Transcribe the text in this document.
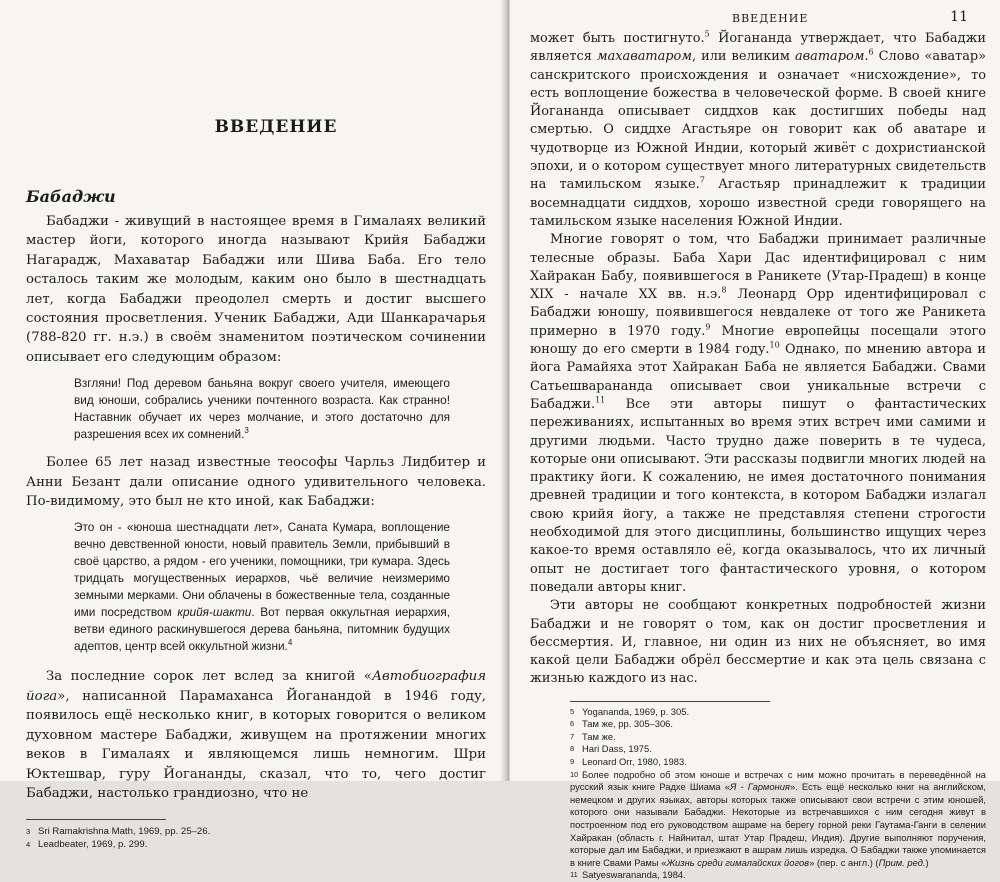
ВВЕДЕНИЕ
Бабаджи

Бабаджи - живущий в настоящее время в Гималаях великий мастер йоги, которого иногда называют Крийя Бабаджи Нагарадж, Махаватар Бабаджи или Шива Баба. Его тело осталось таким же молодым, каким оно было в шестнадцать лет, когда Бабаджи преодолел смерть и достиг высшего состояния просветления. Ученик Бабаджи, Ади Шанкарачарья (788-820 гг. н.э.) в своём знаменитом поэтическом сочинении описывает его следующим образом:

Взгляни! Под деревом баньяна вокруг своего учителя, имеющего вид юноши, собрались ученики почтенного возраста. Как странно! Наставник обучает их через молчание, и этого достаточно для разрешения всех их сомнений.$^3$

Более 65 лет назад известные теософы Чарльз Лидбитер и Анни Безант дали описание одного удивительного человека. По-видимому, это был не кто иной, как Бабаджи:

Это он - «юноша шестнадцати лет», Саната Кумара, воплощение вечно девственной юности, новый правитель Земли, прибывший в своё царство, а рядом - его ученики, помощники, три кумара. Здесь тридцать могущественных иерархов, чьё величие неизмеримо земными мерками. Они облачены в божественные тела, созданные ими посредством крийя-шакти. Вот первая оккультная иерархия, ветви единого раскинувшегося дерева баньяна, питомник будущих адептов, центр всей оккультной жизни.$^4$

За последние сорок лет вслед за книгой «Автобиография йога», написанной Парамахансa Йоганандой в 1946 году, появилось ещё несколько книг, в которых говорится о великом духовном мастере Бабаджи, живущем на протяжении многих веков в Гималаях и являющемся лишь немногим. Шри Юктешвар, гуру Йогананды, сказал, что то, чего достиг Бабаджи, настолько грандиозно, что не

3 Sri Ramakrishna Math, 1969, pp. 25–26.

4 Leadbeater, 1969, p. 299.

ВВЕДЕНИЕ	11

может быть постигнуто.$^5$ Йогананда утверждает, что Бабаджи является махаватаром, или великим аватаром.$^6$ Слово «аватар» санскритского происхождения и означает «нисхождение», то есть воплощение божества в человеческой форме. В своей книге Йогананда описывает сиддхов как достигших победы над смертью. О сиддхе Агастьяре он говорит как об аватаре и чудотворце из Южной Индии, который живёт с дохристианской эпохи, и о котором существует много литературных свидетельств на тамильском языке.$^7$ Агастьяр принадлежит к традиции восемнадцати сиддхов, хорошо известной среди говорящего на тамильском языке населения Южной Индии.

Многие говорят о том, что Бабаджи принимает различные телесные образы. Баба Хари Дас идентифицировал с ним Хайракан Бабу, появившегося в Раникете (Утар-Прадеш) в конце XIX - начале XX вв. н.э.$^8$ Леонард Орр идентифицировал с Бабаджи юношу, появившегося невдалеке от того же Раникета примерно в 1970 году.$^9$ Многие европейцы посещали этого юношу до его смерти в 1984 году.$^{10}$ Однако, по мнению автора и йога Рамайяха этот Хайракан Баба не является Бабаджи. Свами Сатьешварананда описывает свои уникальные встречи с Бабаджи.$^{11}$ Все эти авторы пишут о фантастических переживаниях, испытанных во время этих встреч ими самими и другими людьми. Часто трудно даже поверить в те чудеса, которые они описывают. Эти рассказы подвигли многих людей на практику йоги. К сожалению, не имея достаточного понимания древней традиции и того контекста, в котором Бабаджи излагал свою крийя йогу, а также не представляя степени строгости необходимой для этого дисциплины, большинство ищущих через какое-то время оставляло её, когда оказывалось, что их личный опыт не достигает того фантастического уровня, о котором поведали авторы книг.

Эти авторы не сообщают конкретных подробностей жизни Бабаджи и не говорят о том, как он достиг просветления и бессмертия. И, главное, ни один из них не объясняет, во имя какой цели Бабаджи обрёл бессмертие и как эта цель связана с жизнью каждого из нас.

5 Yogananda, 1969, p. 305.

6 Там же, pp. 305–306.

7 Там же.

8 Hari Dass, 1975.

9 Leonard Orr, 1980, 1983.

10 Более подробно об этом юноше и встречах с ним можно прочитать в переведённой на русский язык книге Радхе Шиама «Я - Гармония». Есть ещё несколько книг на английском, немецком и других языках, авторы которых также описывают свои встречи с этим юношей, которого они называли Бабаджи. Некоторые из встречавшихся с ним сегодня живут в построенном под его руководством ашраме на берегу горной реки Гаутама-Ганги в селении Хайракан (область г. Найнитал, штат Утар Прадеш, Индия). Другие выполняют поручения, которые дал им Бабаджи, и приезжают в ашрам лишь изредка. О Бабаджи также упоминается в книге Свами Рамы «Жизнь среди гималайских йогов» (пер. с англ.) (Прим. ред.)

11 Satyeswarananda, 1984.
